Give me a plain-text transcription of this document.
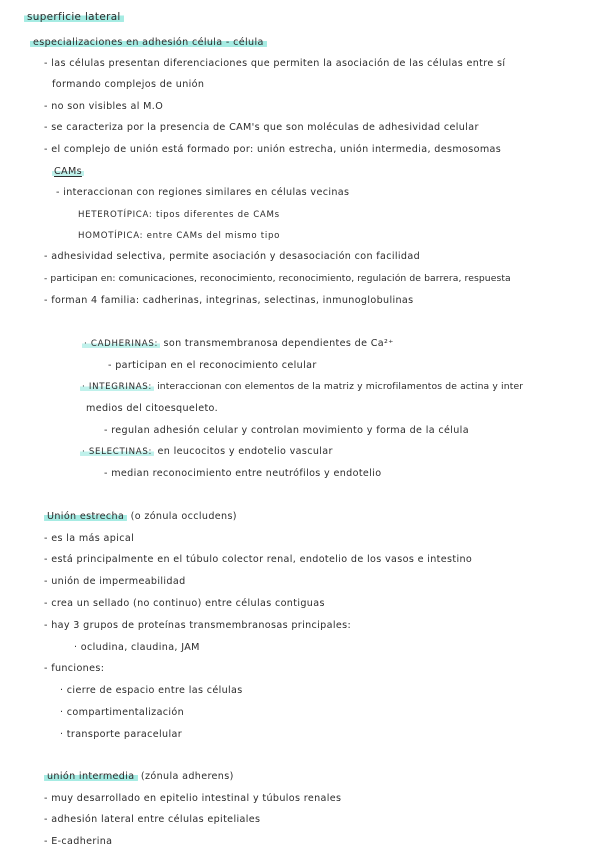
superficie lateral
especializaciones en adhesión célula - célula
- las células presentan diferenciaciones que permiten la asociación de las células entre sí
formando complejos de unión
- no son visibles al M.O
- se caracteriza por la presencia de CAM's que son moléculas de adhesividad celular
- el complejo de unión está formado por: unión estrecha, unión intermedia, desmosomas
CAMs
- interaccionan con regiones similares en células vecinas
HETEROTÍPICA: tipos diferentes de CAMs
HOMOTÍPICA: entre CAMs del mismo tipo
- adhesividad selectiva, permite asociación y desasociación con facilidad
- participan en: comunicaciones, reconocimiento, reconocimiento, regulación de barrera, respuesta
- forman 4 familia: cadherinas, integrinas, selectinas, inmunoglobulinas
· CADHERINAS: son transmembranosa dependientes de Ca²⁺
- participan en el reconocimiento celular
· INTEGRINAS: interaccionan con elementos de la matriz y microfilamentos de actina y inter
medios del citoesqueleto.
- regulan adhesión celular y controlan movimiento y forma de la célula
· SELECTINAS: en leucocitos y endotelio vascular
- median reconocimiento entre neutrófilos y endotelio
Unión estrecha (o zónula occludens)
- es la más apical
- está principalmente en el túbulo colector renal, endotelio de los vasos e intestino
- unión de impermeabilidad
- crea un sellado (no continuo) entre células contiguas
- hay 3 grupos de proteínas transmembranosas principales:
· ocludina, claudina, JAM
- funciones:
· cierre de espacio entre las células
· compartimentalización
· transporte paracelular
unión intermedia (zónula adherens)
- muy desarrollado en epitelio intestinal y túbulos renales
- adhesión lateral entre células epiteliales
- E-cadherina
